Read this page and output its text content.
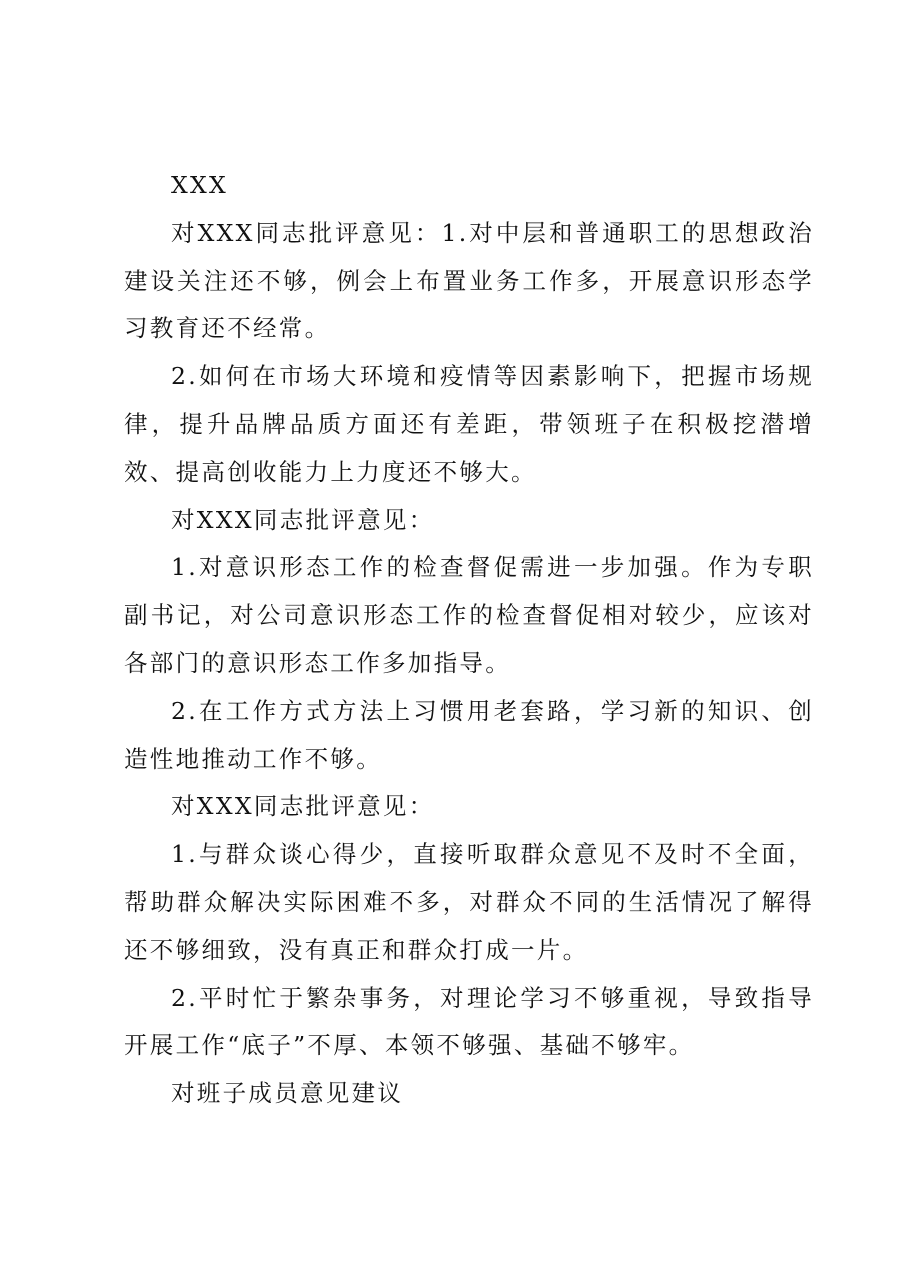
XXX

对XXX同志批评意见：1.对中层和普通职工的思想政治建设关注还不够，例会上布置业务工作多，开展意识形态学习教育还不经常。

2.如何在市场大环境和疫情等因素影响下，把握市场规律，提升品牌品质方面还有差距，带领班子在积极挖潜增效、提高创收能力上力度还不够大。

对XXX同志批评意见：

1.对意识形态工作的检查督促需进一步加强。作为专职副书记，对公司意识形态工作的检查督促相对较少，应该对各部门的意识形态工作多加指导。

2.在工作方式方法上习惯用老套路，学习新的知识、创造性地推动工作不够。

对XXX同志批评意见：

1.与群众谈心得少，直接听取群众意见不及时不全面，帮助群众解决实际困难不多，对群众不同的生活情况了解得还不够细致，没有真正和群众打成一片。

2.平时忙于繁杂事务，对理论学习不够重视，导致指导开展工作“底子”不厚、本领不够强、基础不够牢。

对班子成员意见建议
